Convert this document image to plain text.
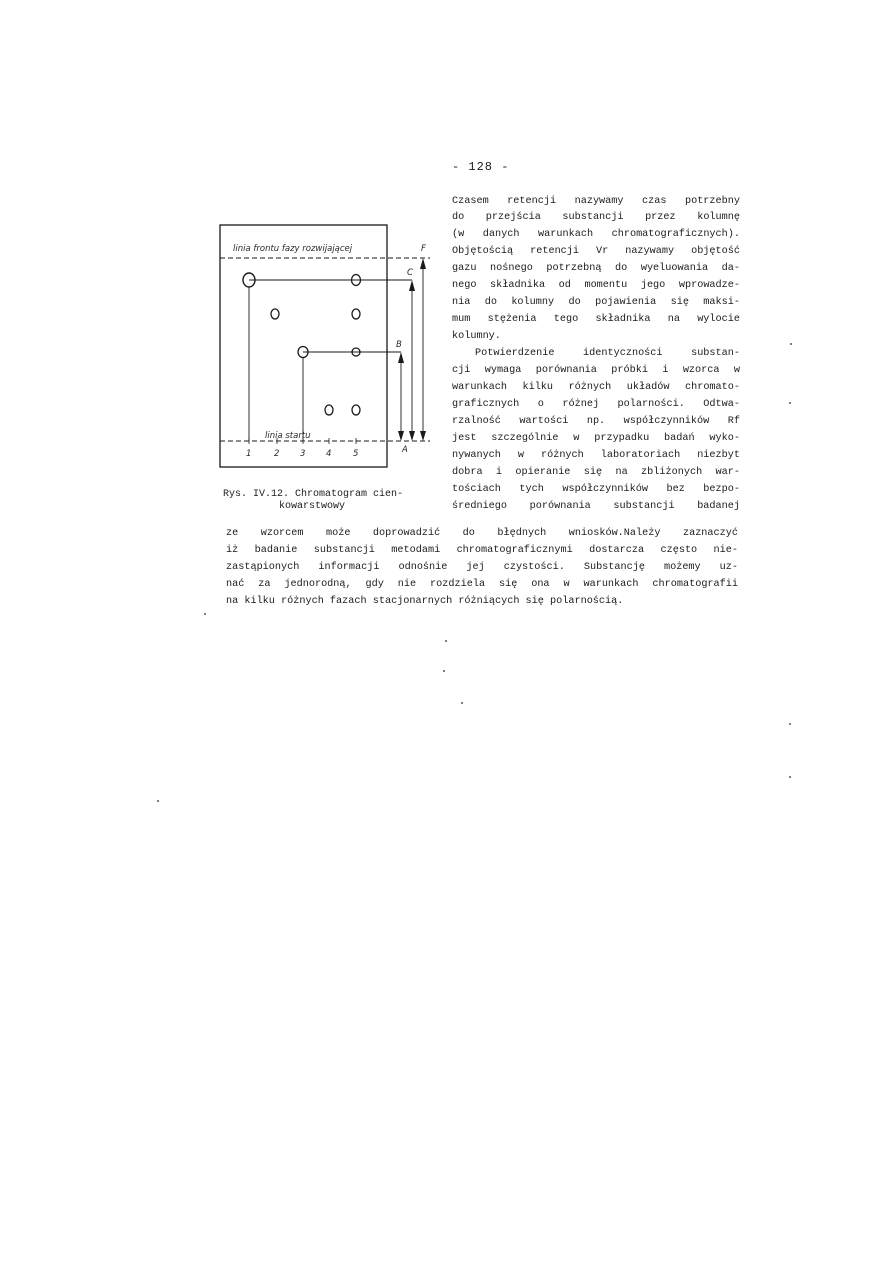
- 128 -
linia frontu fazy rozwijającej
linia startu
1	2 3 4	5
F
C
B
A
Rys. IV.12. Chromatogram cien-
kowarstwowy
Czasem retencji nazywamy czas potrzebny
do przejścia substancji przez kolumnę
(w danych warunkach chromatograficznych).
Objętością retencji Vr nazywamy objętość
gazu nośnego potrzebną do wyeluowania da-
nego składnika od momentu jego wprowadze-
nia do kolumny do pojawienia się maksi-
mum stężenia tego składnika na wylocie
kolumny.
Potwierdzenie identyczności substan-
cji wymaga porównania próbki i wzorca w
warunkach kilku różnych układów chromato-
graficznych o różnej polarności. Odtwa-
rzalność wartości np. współczynników Rf
jest szczególnie w przypadku badań wyko-
nywanych w różnych laboratoriach niezbyt
dobra i opieranie się na zbliżonych war-
tościach tych współczynników bez bezpo-
średniego porównania substancji badanej
ze wzorcem może doprowadzić do błędnych wniosków.Należy zaznaczyć
iż badanie substancji metodami chromatograficznymi dostarcza często nie-
zastąpionych informacji odnośnie jej czystości. Substancję możemy uz-
nać za jednorodną, gdy nie rozdziela się ona w warunkach chromatografii
na kilku różnych fazach stacjonarnych różniących się polarnością.
